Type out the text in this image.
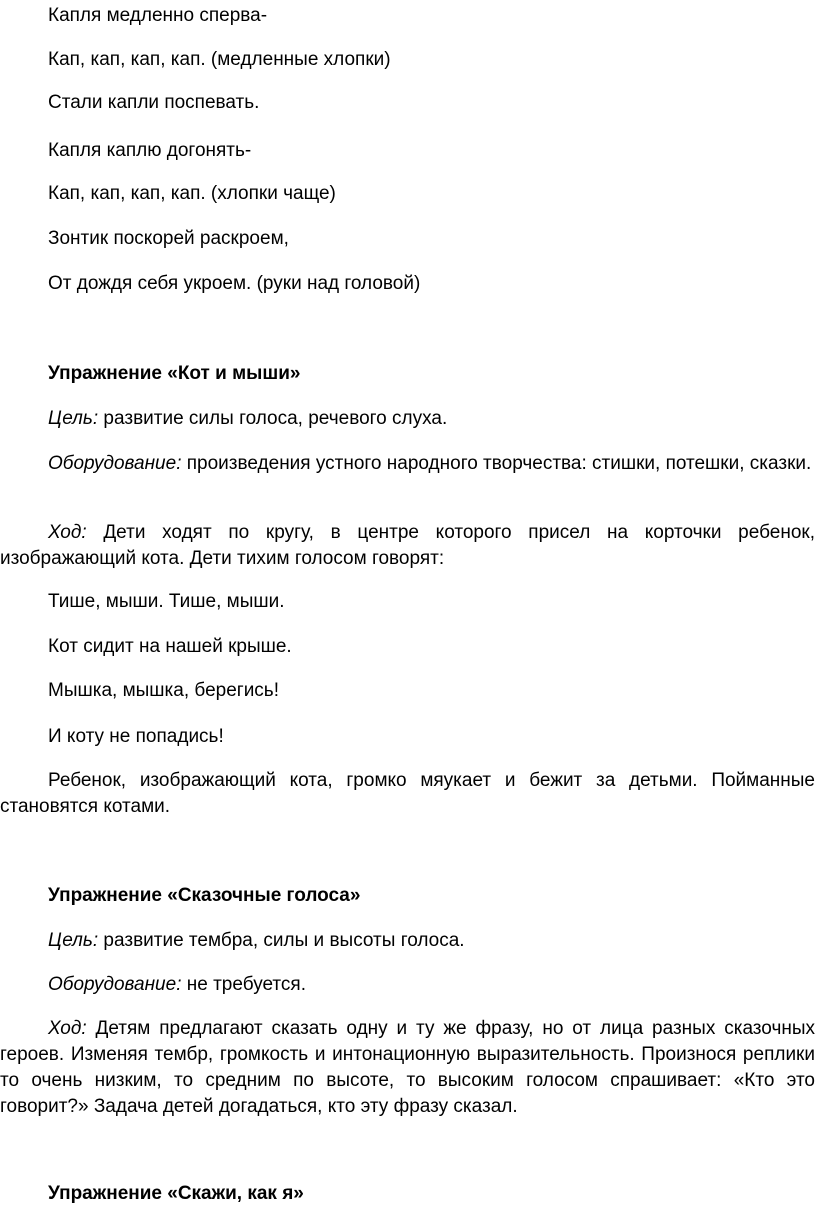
Капля медленно сперва-
Кап, кап, кап, кап. (медленные хлопки)
Стали капли поспевать.
Капля каплю догонять-
Кап, кап, кап, кап. (хлопки чаще)
Зонтик поскорей раскроем,
От дождя себя укроем. (руки над головой)
Упражнение «Кот и мыши»
Цель: развитие силы голоса, речевого слуха.
Оборудование: произведения устного народного творчества: стишки, потешки, сказки.
Ход: Дети ходят по кругу, в центре которого присел на корточки ребенок, изображающий кота. Дети тихим голосом говорят:
Тише, мыши. Тише, мыши.
Кот сидит на нашей крыше.
Мышка, мышка, берегись!
И коту не попадись!
Ребенок, изображающий кота, громко мяукает и бежит за детьми. Пойманные становятся котами.
Упражнение «Сказочные голоса»
Цель: развитие тембра, силы и высоты голоса.
Оборудование: не требуется.
Ход: Детям предлагают сказать одну и ту же фразу, но от лица разных сказочных героев. Изменяя тембр, громкость и интонационную выразительность. Произнося реплики то очень низким, то средним по высоте, то высоким голосом спрашивает: «Кто это говорит?» Задача детей догадаться, кто эту фразу сказал.
Упражнение «Скажи, как я»
